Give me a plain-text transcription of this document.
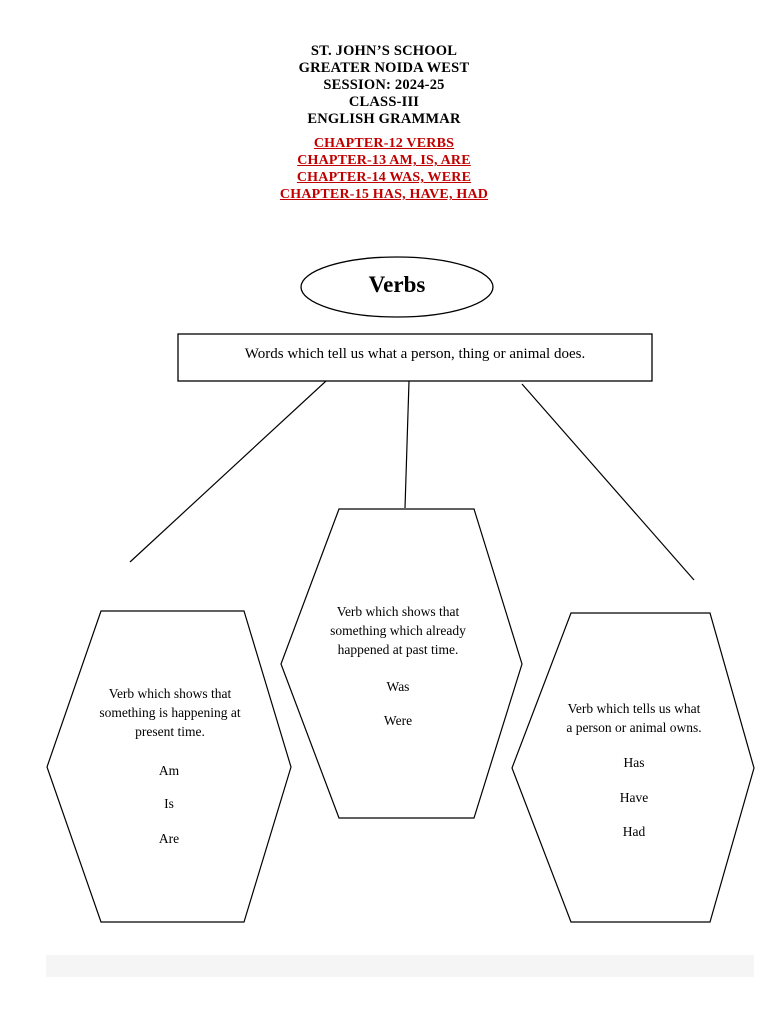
ST. JOHN’S SCHOOL
GREATER NOIDA WEST
SESSION: 2024-25
CLASS-III
ENGLISH GRAMMAR
CHAPTER-12 VERBS
CHAPTER-13 AM, IS, ARE
CHAPTER-14 WAS, WERE
CHAPTER-15 HAS, HAVE, HAD
Verbs
Words which tell us what a person, thing or animal does.
Verb which shows that
something is happening at
present time.
Am
Is
Are
Verb which shows that
something which already
happened at past time.
Was
Were
Verb which tells us what
a person or animal owns.
Has
Have
Had
